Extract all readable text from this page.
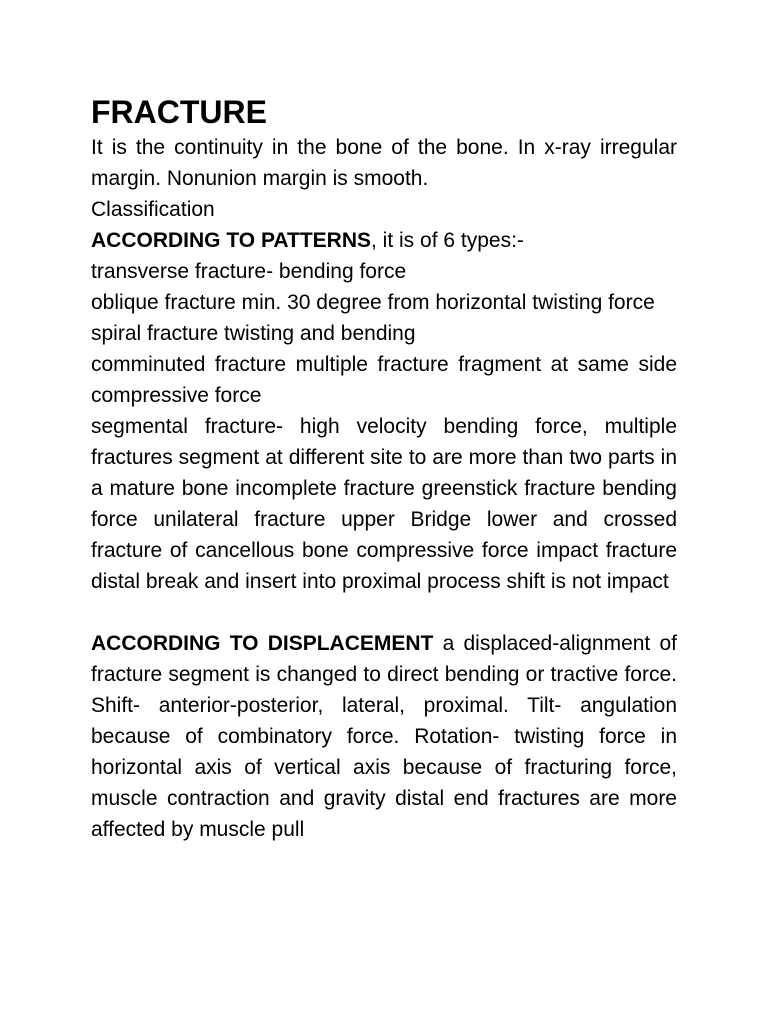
FRACTURE

It is the continuity in the bone of the bone. In x-ray irregular margin. Nonunion margin is smooth.

Classification

ACCORDING TO PATTERNS, it is of 6 types:-

transverse fracture- bending force

oblique fracture min. 30 degree from horizontal twisting force

spiral fracture twisting and bending

comminuted fracture multiple fracture fragment at same side compressive force

segmental fracture- high velocity bending force, multiple fractures segment at different site to are more than two parts in a mature bone incomplete fracture greenstick fracture bending force unilateral fracture upper Bridge lower and crossed fracture of cancellous bone compressive force impact fracture distal break and insert into proximal process shift is not impact

ACCORDING TO DISPLACEMENT a displaced-alignment of fracture segment is changed to direct bending or tractive force. Shift- anterior-posterior, lateral, proximal. Tilt- angulation because of combinatory force. Rotation- twisting force in horizontal axis of vertical axis because of fracturing force, muscle contraction and gravity distal end fractures are more affected by muscle pull
